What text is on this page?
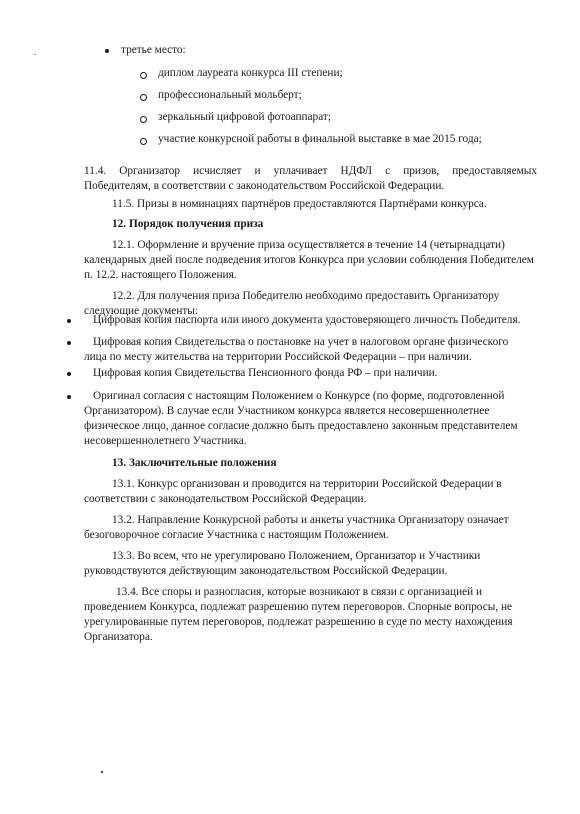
третье место:
диплом лауреата конкурса III степени;
профессиональный мольберт;
зеркальный цифровой фотоаппарат;
участие конкурсной работы в финальной выставке в мае 2015 года;
11.4. Организатор исчисляет и уплачивает НДФЛ с призов, предоставляемых
Победителям, в соответствии с законодательством Российской Федерации.
11.5. Призы в номинациях партнёров предоставляются Партнёрами конкурса.
12. Порядок получения приза
12.1. Оформление и вручение приза осуществляется в течение 14 (четырнадцати)
календарных дней после подведения итогов Конкурса при условии соблюдения Победителем
п. 12.2. настоящего Положения.
12.2. Для получения приза Победителю необходимо предоставить Организатору
следующие документы:
Цифровая копия паспорта или иного документа удостоверяющего личность Победителя.
Цифровая копия Свидетельства о постановке на учет в налоговом органе физического
лица по месту жительства на территории Российской Федерации – при наличии.
Цифровая копия Свидетельства Пенсионного фонда РФ – при наличии.
Оригинал согласия с настоящим Положением о Конкурсе (по форме, подготовленной
Организатором). В случае если Участником конкурса является несовершеннолетнее
физическое лицо, данное согласие должно быть предоставлено законным представителем
несовершеннолетнего Участника.
13. Заключительные положения
13.1. Конкурс организован и проводится на территории Российской Федерации в
соответствии с законодательством Российской Федерации.
13.2. Направление Конкурсной работы и анкеты участника Организатору означает
безоговорочное согласие Участника с настоящим Положением.
13.3. Во всем, что не урегулировано Положением, Организатор и Участники
руководствуются действующим законодательством Российской Федерации.
13.4. Все споры и разногласия, которые возникают в связи с организацией и
проведением Конкурса, подлежат разрешению путем переговоров. Спорные вопросы, не
урегулированные путем переговоров, подлежат разрешению в суде по месту нахождения
Организатора.
